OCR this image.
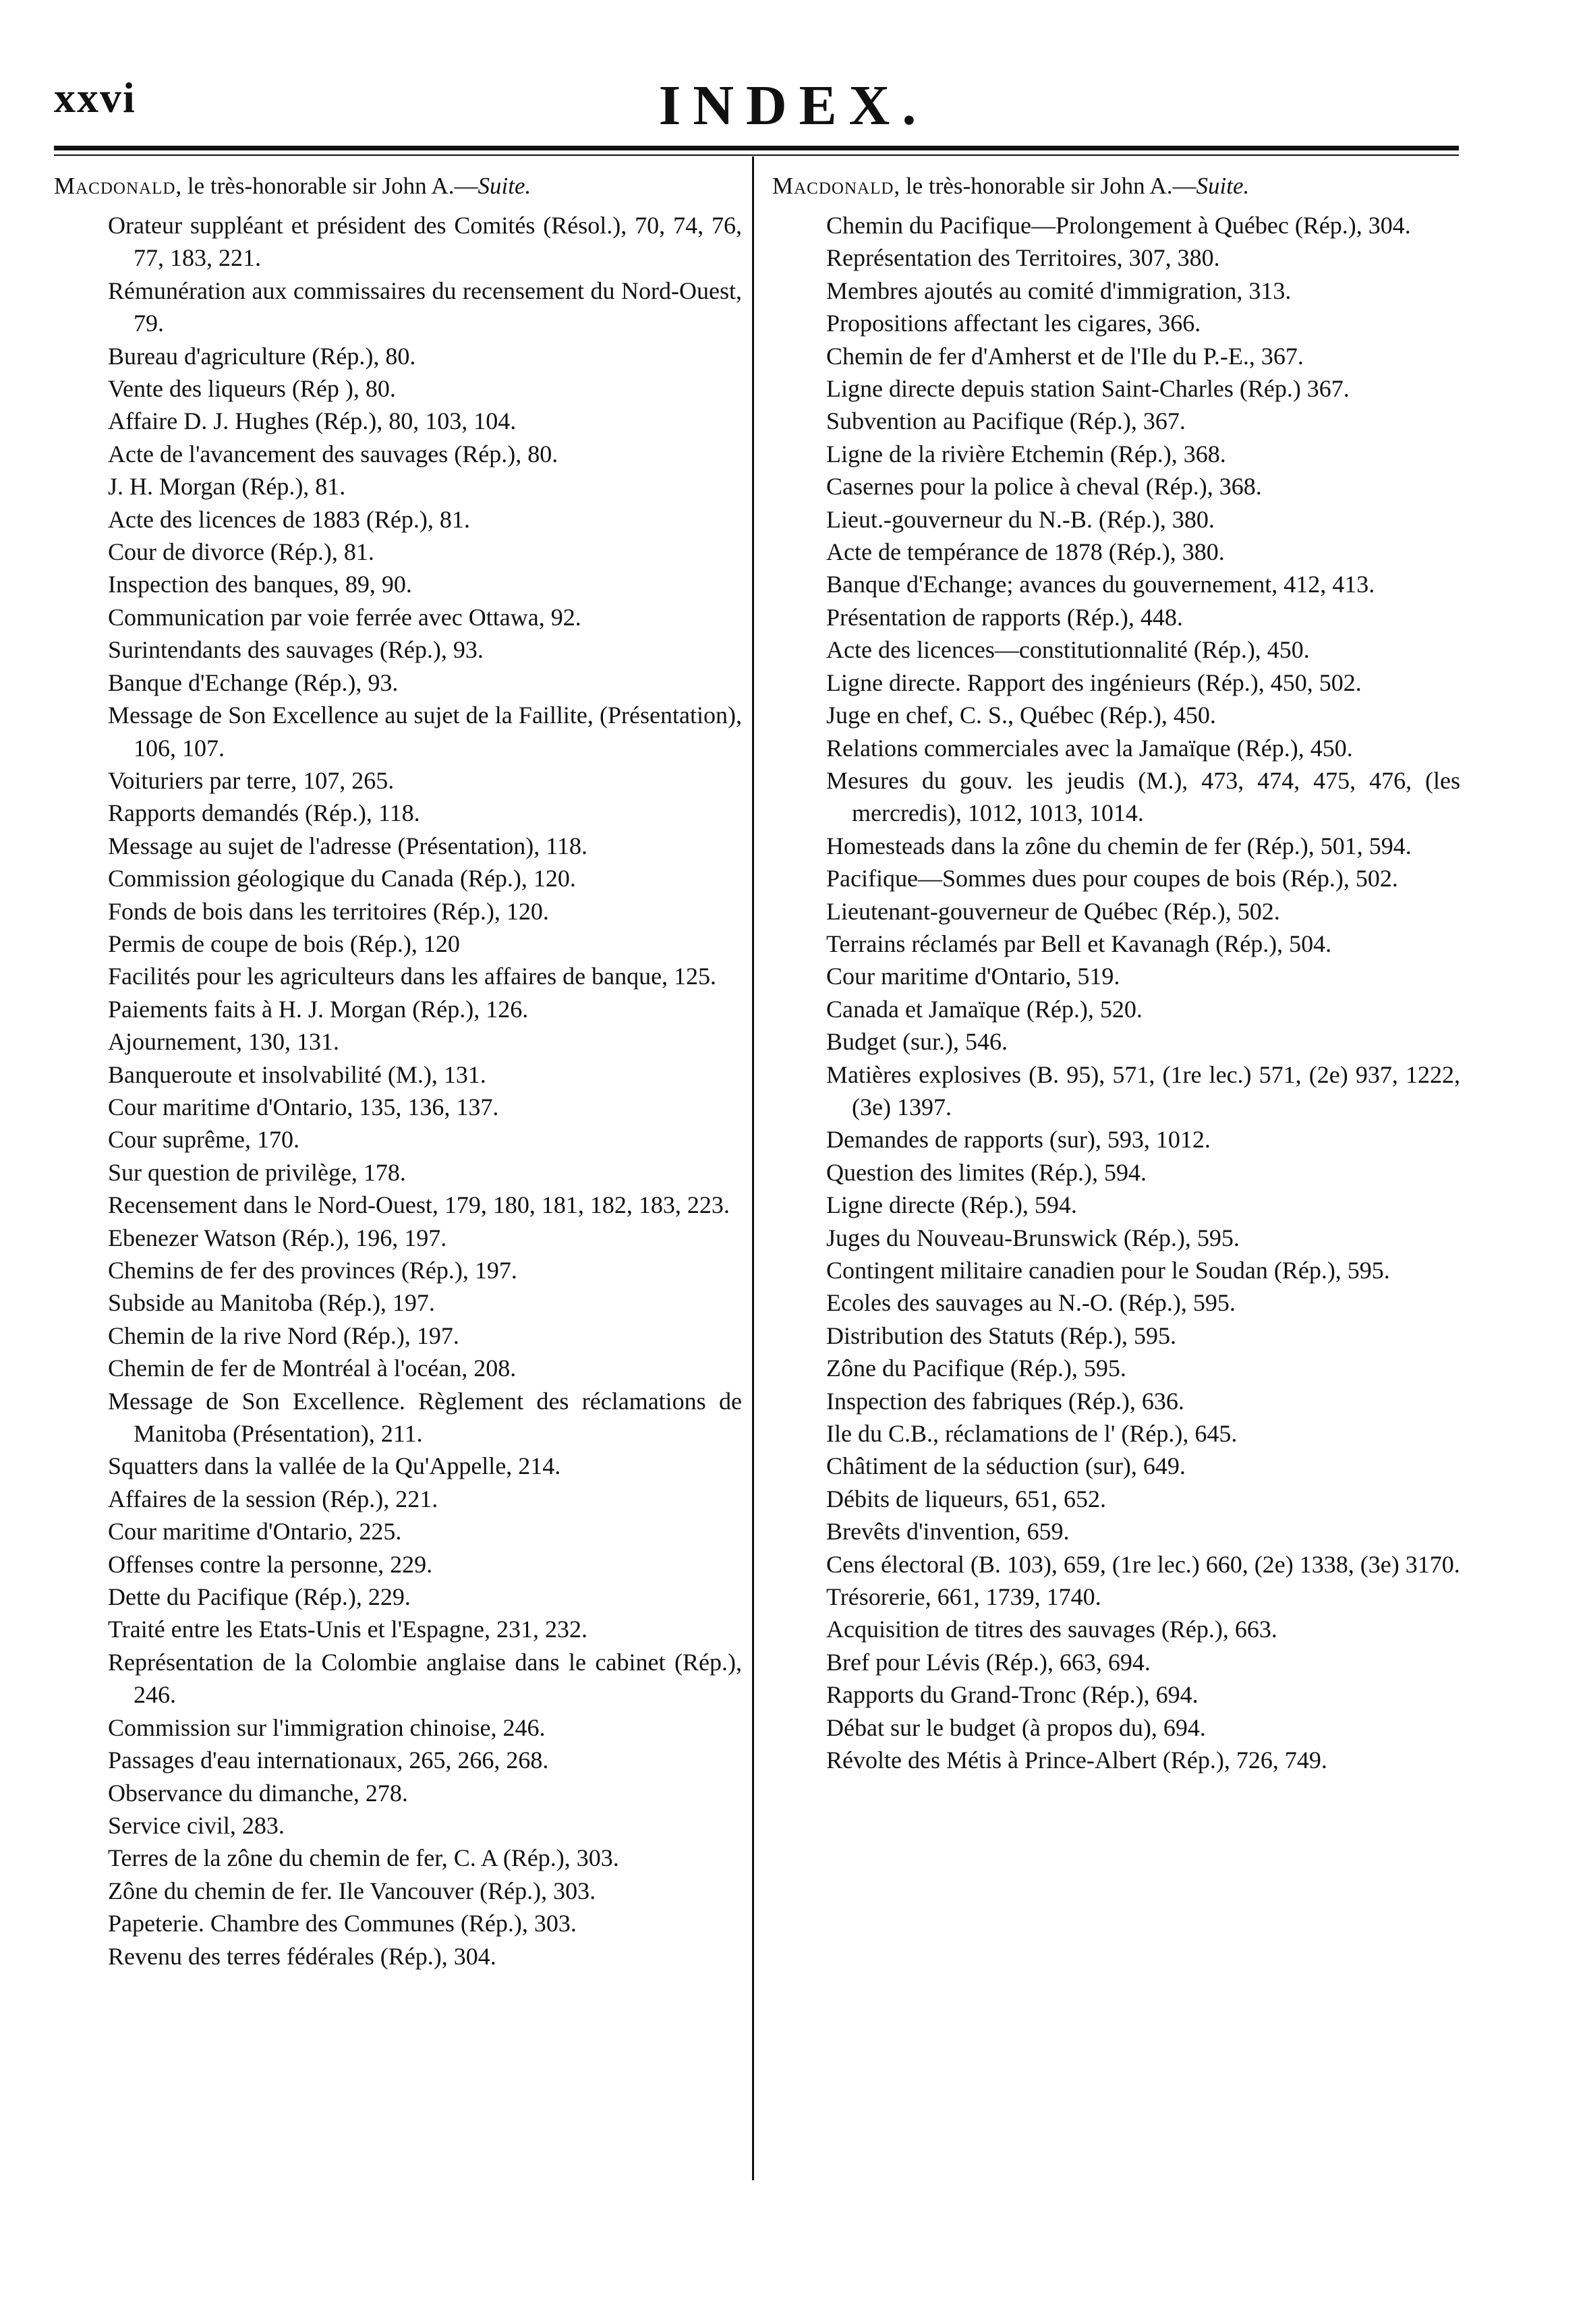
xxvi	INDEX.
Macdonald, le très-honorable sir John A.—Suite.
Orateur suppléant et président des Comités (Résol.), 70, 74, 76, 77, 183, 221.
Rémunération aux commissaires du recensement du Nord-Ouest, 79.
Bureau d'agriculture (Rép.), 80.
Vente des liqueurs (Rép ), 80.
Affaire D. J. Hughes (Rép.), 80, 103, 104.
Acte de l'avancement des sauvages (Rép.), 80.
J. H. Morgan (Rép.), 81.
Acte des licences de 1883 (Rép.), 81.
Cour de divorce (Rép.), 81.
Inspection des banques, 89, 90.
Communication par voie ferrée avec Ottawa, 92.
Surintendants des sauvages (Rép.), 93.
Banque d'Echange (Rép.), 93.
Message de Son Excellence au sujet de la Faillite, (Présentation), 106, 107.
Voituriers par terre, 107, 265.
Rapports demandés (Rép.), 118.
Message au sujet de l'adresse (Présentation), 118.
Commission géologique du Canada (Rép.), 120.
Fonds de bois dans les territoires (Rép.), 120.
Permis de coupe de bois (Rép.), 120
Facilités pour les agriculteurs dans les affaires de banque, 125.
Paiements faits à H. J. Morgan (Rép.), 126.
Ajournement, 130, 131.
Banqueroute et insolvabilité (M.), 131.
Cour maritime d'Ontario, 135, 136, 137.
Cour suprême, 170.
Sur question de privilège, 178.
Recensement dans le Nord-Ouest, 179, 180, 181, 182, 183, 223.
Ebenezer Watson (Rép.), 196, 197.
Chemins de fer des provinces (Rép.), 197.
Subside au Manitoba (Rép.), 197.
Chemin de la rive Nord (Rép.), 197.
Chemin de fer de Montréal à l'océan, 208.
Message de Son Excellence. Règlement des réclamations de Manitoba (Présentation), 211.
Squatters dans la vallée de la Qu'Appelle, 214.
Affaires de la session (Rép.), 221.
Cour maritime d'Ontario, 225.
Offenses contre la personne, 229.
Dette du Pacifique (Rép.), 229.
Traité entre les Etats-Unis et l'Espagne, 231, 232.
Représentation de la Colombie anglaise dans le cabinet (Rép.), 246.
Commission sur l'immigration chinoise, 246.
Passages d'eau internationaux, 265, 266, 268.
Observance du dimanche, 278.
Service civil, 283.
Terres de la zône du chemin de fer, C. A (Rép.), 303.
Zône du chemin de fer. Ile Vancouver (Rép.), 303.
Papeterie. Chambre des Communes (Rép.), 303.
Revenu des terres fédérales (Rép.), 304.
Macdonald, le très-honorable sir John A.—Suite.
Chemin du Pacifique—Prolongement à Québec (Rép.), 304.
Représentation des Territoires, 307, 380.
Membres ajoutés au comité d'immigration, 313.
Propositions affectant les cigares, 366.
Chemin de fer d'Amherst et de l'Ile du P.-E., 367.
Ligne directe depuis station Saint-Charles (Rép.) 367.
Subvention au Pacifique (Rép.), 367.
Ligne de la rivière Etchemin (Rép.), 368.
Casernes pour la police à cheval (Rép.), 368.
Lieut.-gouverneur du N.-B. (Rép.), 380.
Acte de tempérance de 1878 (Rép.), 380.
Banque d'Echange; avances du gouvernement, 412, 413.
Présentation de rapports (Rép.), 448.
Acte des licences—constitutionnalité (Rép.), 450.
Ligne directe. Rapport des ingénieurs (Rép.), 450, 502.
Juge en chef, C. S., Québec (Rép.), 450.
Relations commerciales avec la Jamaïque (Rép.), 450.
Mesures du gouv. les jeudis (M.), 473, 474, 475, 476, (les mercredis), 1012, 1013, 1014.
Homesteads dans la zône du chemin de fer (Rép.), 501, 594.
Pacifique—Sommes dues pour coupes de bois (Rép.), 502.
Lieutenant-gouverneur de Québec (Rép.), 502.
Terrains réclamés par Bell et Kavanagh (Rép.), 504.
Cour maritime d'Ontario, 519.
Canada et Jamaïque (Rép.), 520.
Budget (sur.), 546.
Matières explosives (B. 95), 571, (1re lec.) 571, (2e) 937, 1222, (3e) 1397.
Demandes de rapports (sur), 593, 1012.
Question des limites (Rép.), 594.
Ligne directe (Rép.), 594.
Juges du Nouveau-Brunswick (Rép.), 595.
Contingent militaire canadien pour le Soudan (Rép.), 595.
Ecoles des sauvages au N.-O. (Rép.), 595.
Distribution des Statuts (Rép.), 595.
Zône du Pacifique (Rép.), 595.
Inspection des fabriques (Rép.), 636.
Ile du C.B., réclamations de l' (Rép.), 645.
Châtiment de la séduction (sur), 649.
Débits de liqueurs, 651, 652.
Brevêts d'invention, 659.
Cens électoral (B. 103), 659, (1re lec.) 660, (2e) 1338, (3e) 3170.
Trésorerie, 661, 1739, 1740.
Acquisition de titres des sauvages (Rép.), 663.
Bref pour Lévis (Rép.), 663, 694.
Rapports du Grand-Tronc (Rép.), 694.
Débat sur le budget (à propos du), 694.
Révolte des Métis à Prince-Albert (Rép.), 726, 749.
